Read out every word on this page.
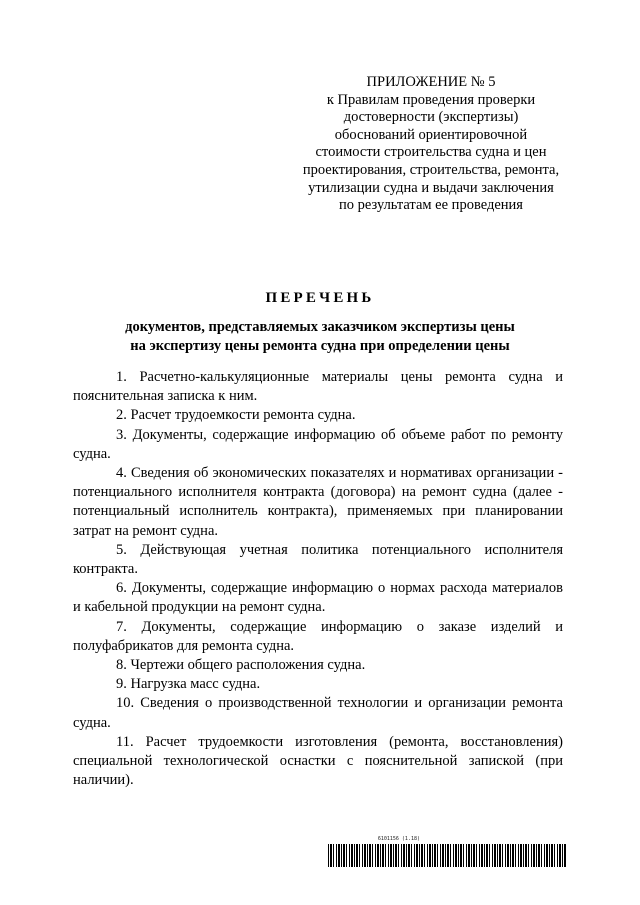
ПРИЛОЖЕНИЕ № 5
к Правилам проведения проверки
достоверности (экспертизы)
обоснований ориентировочной
стоимости строительства судна и цен
проектирования, строительства, ремонта,
утилизации судна и выдачи заключения
по результатам ее проведения
ПЕРЕЧЕНЬ
документов, представляемых заказчиком экспертизы цены
на экспертизу цены ремонта судна при определении цены

1. Расчетно-калькуляционные материалы цены ремонта судна и пояснительная записка к ним.

2. Расчет трудоемкости ремонта судна.

3. Документы, содержащие информацию об объеме работ по ремонту судна.

4. Сведения об экономических показателях и нормативах организации - потенциального исполнителя контракта (договора) на ремонт судна (далее - потенциальный исполнитель контракта), применяемых при планировании затрат на ремонт судна.

5. Действующая учетная политика потенциального исполнителя контракта.

6. Документы, содержащие информацию о нормах расхода материалов и кабельной продукции на ремонт судна.

7. Документы, содержащие информацию о заказе изделий и полуфабрикатов для ремонта судна.

8. Чертежи общего расположения судна.

9. Нагрузка масс судна.

10. Сведения о производственной технологии и организации ремонта судна.

11. Расчет трудоемкости изготовления (ремонта, восстановления) специальной технологической оснастки с пояснительной запиской (при наличии).

6101156 (1.18)
